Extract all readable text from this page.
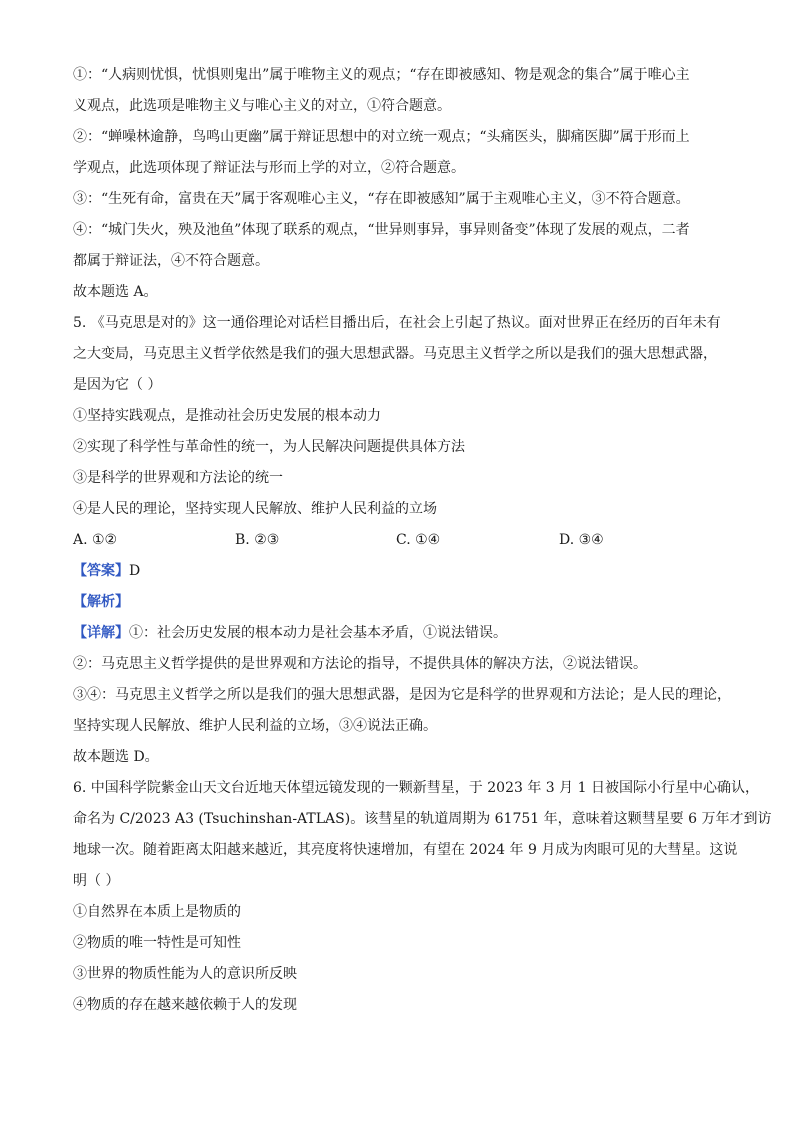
①：“人病则忧惧，忧惧则鬼出”属于唯物主义的观点；“存在即被感知、物是观念的集合”属于唯心主
义观点，此选项是唯物主义与唯心主义的对立，①符合题意。
②：“蝉噪林逾静，鸟鸣山更幽”属于辩证思想中的对立统一观点；“头痛医头，脚痛医脚”属于形而上
学观点，此选项体现了辩证法与形而上学的对立，②符合题意。
③：“生死有命，富贵在天”属于客观唯心主义，“存在即被感知”属于主观唯心主义，③不符合题意。
④：“城门失火，殃及池鱼”体现了联系的观点，“世异则事异，事异则备变”体现了发展的观点，二者
都属于辩证法，④不符合题意。
故本题选 A。
5. 《马克思是对的》这一通俗理论对话栏目播出后，在社会上引起了热议。面对世界正在经历的百年未有
之大变局，马克思主义哲学依然是我们的强大思想武器。马克思主义哲学之所以是我们的强大思想武器，
是因为它（ ）
①坚持实践观点，是推动社会历史发展的根本动力
②实现了科学性与革命性的统一，为人民解决问题提供具体方法
③是科学的世界观和方法论的统一
④是人民的理论，坚持实现人民解放、维护人民利益的立场
A. ①②	B. ②③	C. ①④	D. ③④
【答案】D
【解析】
【详解】①：社会历史发展的根本动力是社会基本矛盾，①说法错误。
②：马克思主义哲学提供的是世界观和方法论的指导，不提供具体的解决方法，②说法错误。
③④：马克思主义哲学之所以是我们的强大思想武器，是因为它是科学的世界观和方法论；是人民的理论，
坚持实现人民解放、维护人民利益的立场，③④说法正确。
故本题选 D。
6. 中国科学院紫金山天文台近地天体望远镜发现的一颗新彗星，于 2023 年 3 月 1 日被国际小行星中心确认，
命名为 C/2023 A3 (Tsuchinshan-ATLAS)。该彗星的轨道周期为 61751 年，意味着这颗彗星要 6 万年才到访
地球一次。随着距离太阳越来越近，其亮度将快速增加，有望在 2024 年 9 月成为肉眼可见的大彗星。这说
明（ ）
①自然界在本质上是物质的
②物质的唯一特性是可知性
③世界的物质性能为人的意识所反映
④物质的存在越来越依赖于人的发现
